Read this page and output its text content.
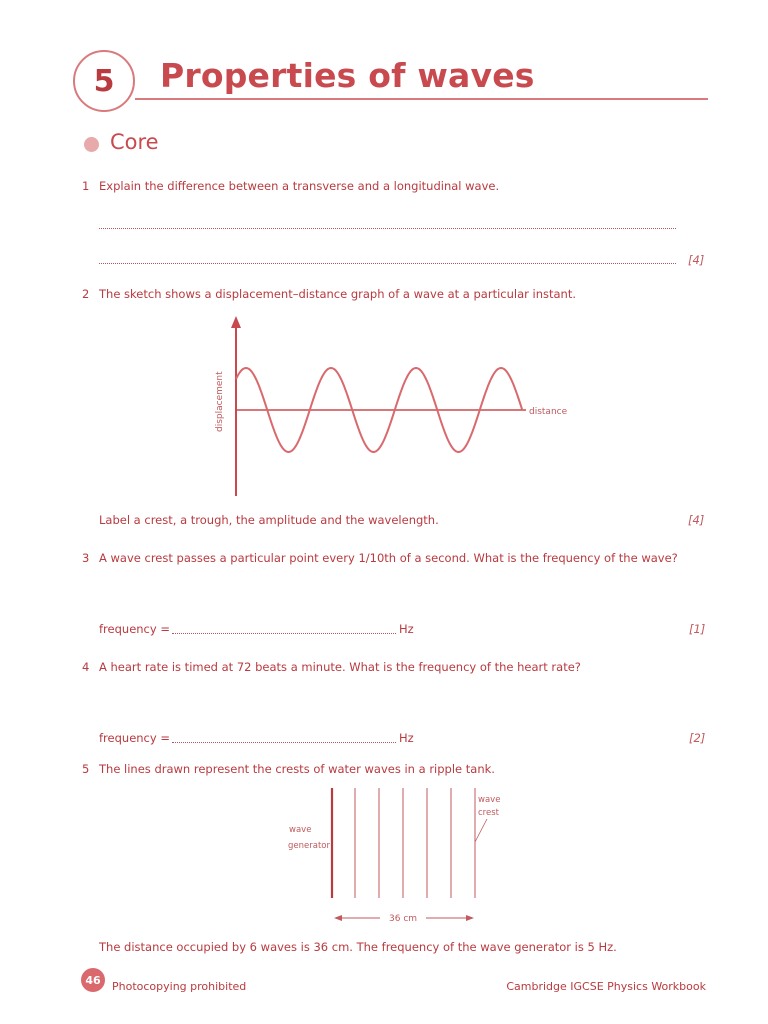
5	Properties of waves
Core
1 Explain the difference between a transverse and a longitudinal wave.
[4]
2 The sketch shows a displacement–distance graph of a wave at a particular instant.
displacement	distance
Label a crest, a trough, the amplitude and the wavelength.	[4]
3 A wave crest passes a particular point every 1/10th of a second. What is the frequency of the wave?
frequency =	Hz	[1]
4 A heart rate is timed at 72 beats a minute. What is the frequency of the heart rate?
frequency =	Hz	[2]
5 The lines drawn represent the crests of water waves in a ripple tank.
wave
generator
wave
crest
36 cm
The distance occupied by 6 waves is 36 cm. The frequency of the wave generator is 5 Hz.
46	Photocopying prohibited	Cambridge IGCSE Physics Workbook
